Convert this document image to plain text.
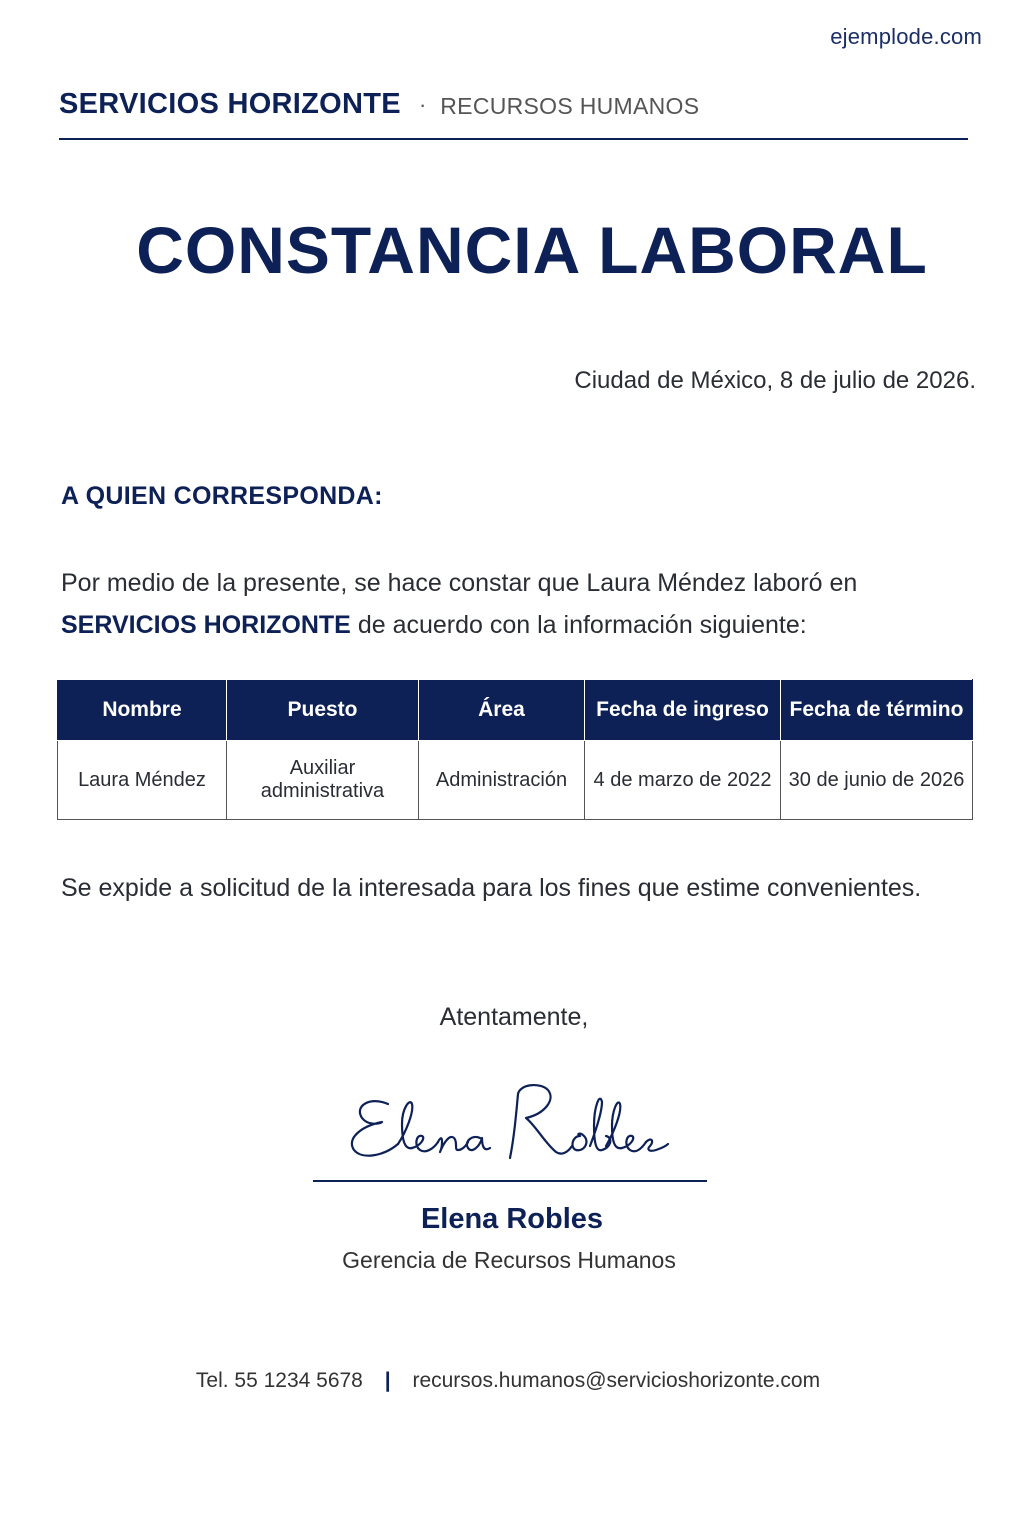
ejemplode.com
SERVICIOS HORIZONTE · RECURSOS HUMANOS
CONSTANCIA LABORAL
Ciudad de México, 8 de julio de 2026.
A QUIEN CORRESPONDA:
Por medio de la presente, se hace constar que Laura Méndez laboró en
SERVICIOS HORIZONTE de acuerdo con la información siguiente:
Nombre	Puesto	Área	Fecha de ingreso	Fecha de término
Laura Méndez	Auxiliar administrativa	Administración	4 de marzo de 2022	30 de junio de 2026
Se expide a solicitud de la interesada para los fines que estime convenientes.
Atentamente,
Elena Robles
Gerencia de Recursos Humanos
Tel. 55 1234 5678 | recursos.humanos@servicioshorizonte.com
